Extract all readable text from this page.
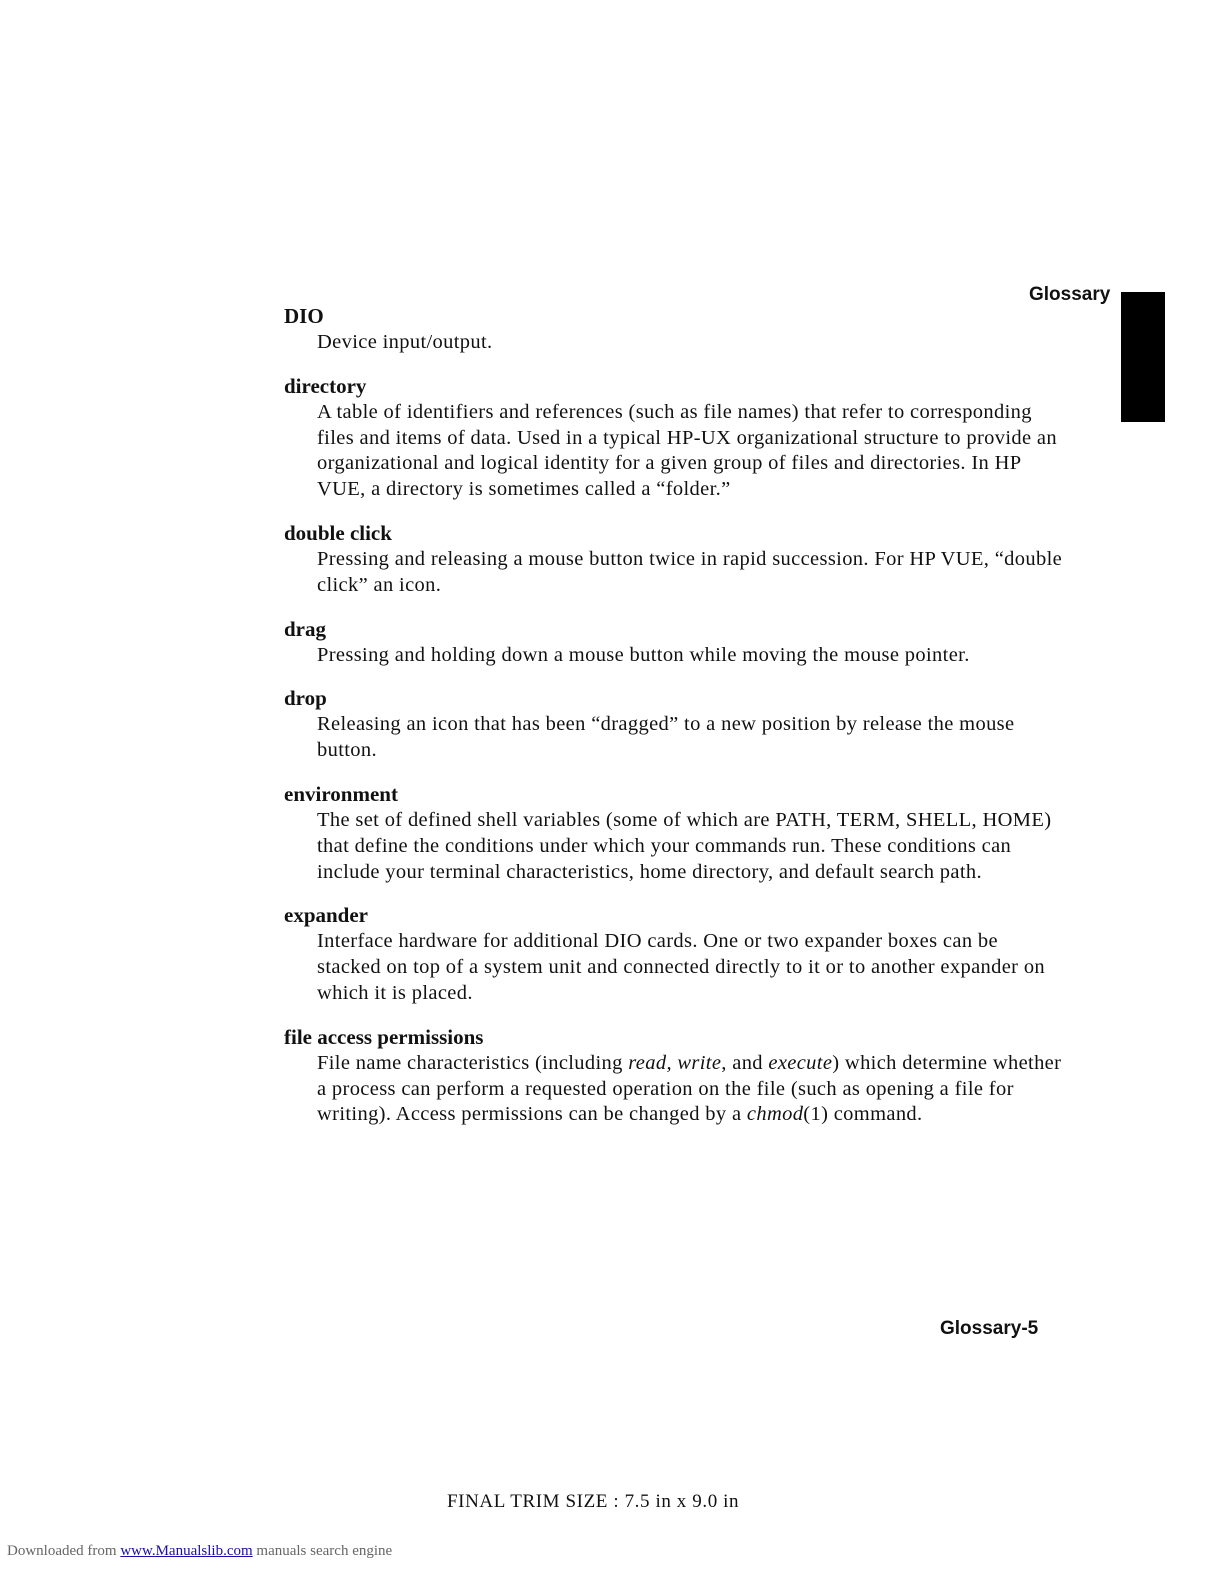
Glossary
DIO
Device input/output.
directory
A table of identifiers and references (such as file names) that refer to corresponding files and items of data. Used in a typical HP-UX organizational structure to provide an organizational and logical identity for a given group of files and directories. In HP VUE, a directory is sometimes called a “folder.”
double click
Pressing and releasing a mouse button twice in rapid succession. For HP VUE, “double click” an icon.
drag
Pressing and holding down a mouse button while moving the mouse pointer.
drop
Releasing an icon that has been “dragged” to a new position by release the mouse button.
environment
The set of defined shell variables (some of which are PATH, TERM, SHELL, HOME) that define the conditions under which your commands run. These conditions can include your terminal characteristics, home directory, and default search path.
expander
Interface hardware for additional DIO cards. One or two expander boxes can be stacked on top of a system unit and connected directly to it or to another expander on which it is placed.
file access permissions
File name characteristics (including read, write, and execute) which determine whether a process can perform a requested operation on the file (such as opening a file for writing). Access permissions can be changed by a chmod(1) command.
Glossary-5
FINAL TRIM SIZE : 7.5 in x 9.0 in
Downloaded from www.Manualslib.com manuals search engine
